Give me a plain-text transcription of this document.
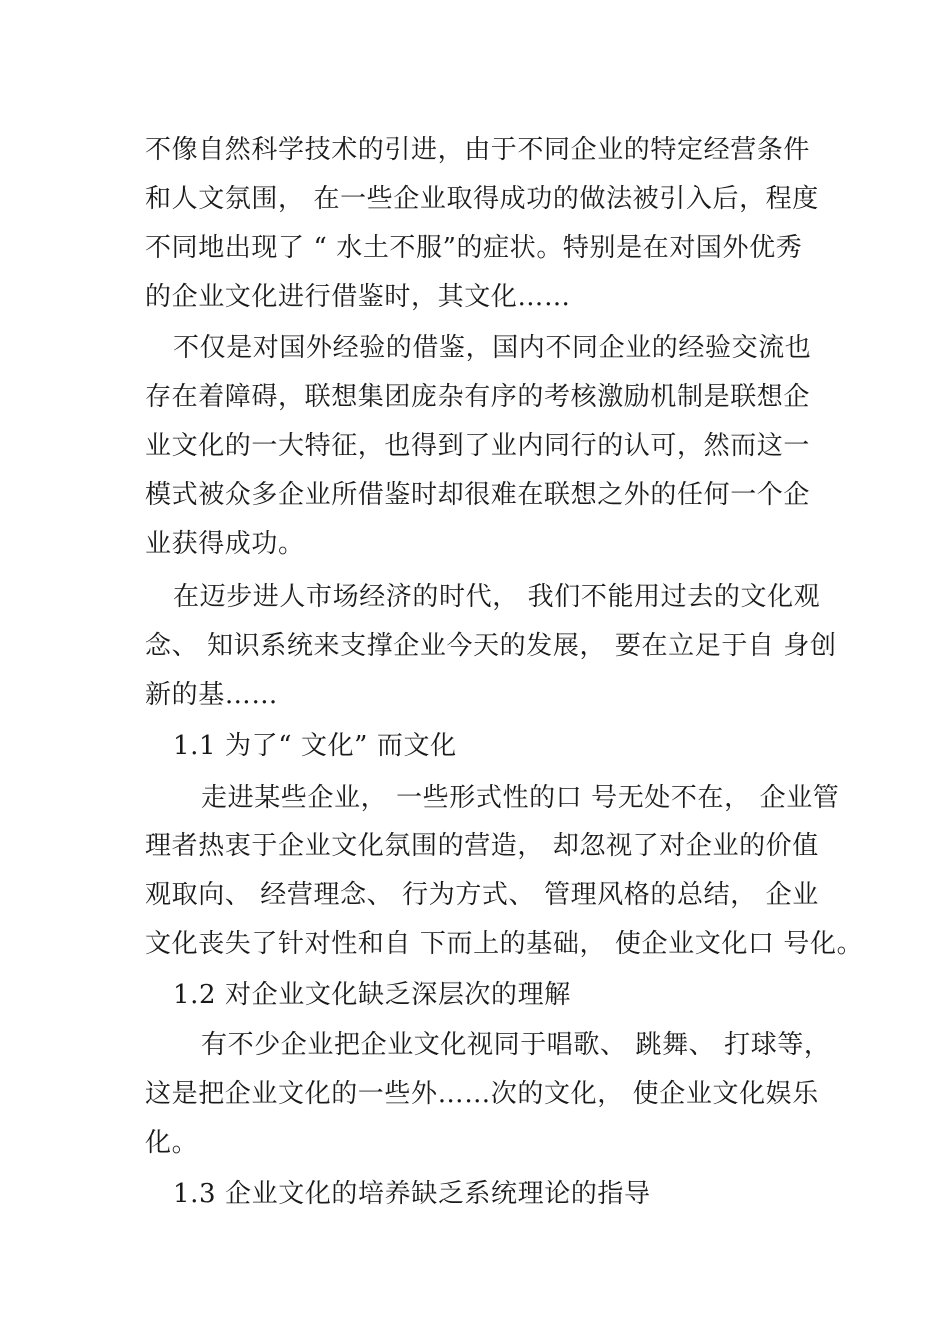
不像自然科学技术的引进，由于不同企业的特定经营条件
和人文氛围， 在一些企业取得成功的做法被引入后，程度
不同地出现了 “ 水土不服”的症状。特别是在对国外优秀
的企业文化进行借鉴时，其文化……
不仅是对国外经验的借鉴，国内不同企业的经验交流也
存在着障碍，联想集团庞杂有序的考核激励机制是联想企
业文化的一大特征，也得到了业内同行的认可，然而这一
模式被众多企业所借鉴时却很难在联想之外的任何一个企
业获得成功。
在迈步进人市场经济的时代， 我们不能用过去的文化观
念、 知识系统来支撑企业今天的发展， 要在立足于自 身创
新的基……
1.1 为了“ 文化” 而文化
走进某些企业， 一些形式性的口 号无处不在， 企业管
理者热衷于企业文化氛围的营造， 却忽视了对企业的价值
观取向、 经营理念、 行为方式、 管理风格的总结， 企业
文化丧失了针对性和自 下而上的基础， 使企业文化口 号化。
1.2 对企业文化缺乏深层次的理解
有不少企业把企业文化视同于唱歌、 跳舞、 打球等，
这是把企业文化的一些外……次的文化， 使企业文化娱乐
化。
1.3 企业文化的培养缺乏系统理论的指导
